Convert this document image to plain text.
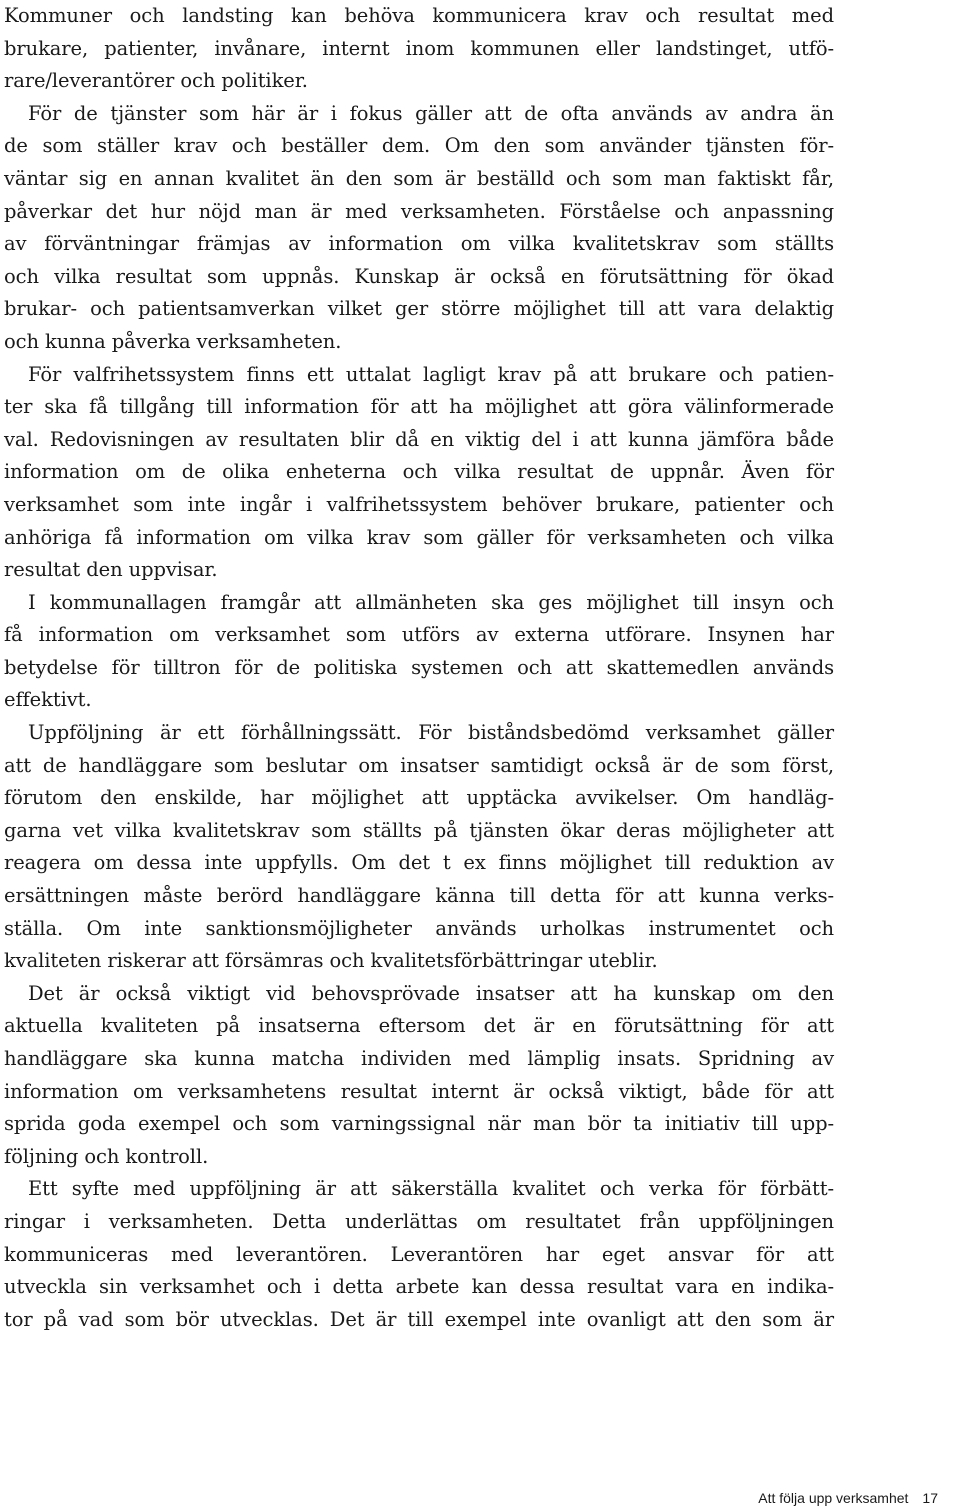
Kommuner och landsting kan behöva kommunicera krav och resultat med
brukare, patienter, invånare, internt inom kommunen eller landstinget, utfö-
rare/leverantörer och politiker.
För de tjänster som här är i fokus gäller att de ofta används av andra än
de som ställer krav och beställer dem. Om den som använder tjänsten för-
väntar sig en annan kvalitet än den som är beställd och som man faktiskt får,
påverkar det hur nöjd man är med verksamheten. Förståelse och anpassning
av förväntningar främjas av information om vilka kvalitetskrav som ställts
och vilka resultat som uppnås. Kunskap är också en förutsättning för ökad
brukar- och patientsamverkan vilket ger större möjlighet till att vara delaktig
och kunna påverka verksamheten.
För valfrihetssystem finns ett uttalat lagligt krav på att brukare och patien-
ter ska få tillgång till information för att ha möjlighet att göra välinformerade
val. Redovisningen av resultaten blir då en viktig del i att kunna jämföra både
information om de olika enheterna och vilka resultat de uppnår. Även för
verksamhet som inte ingår i valfrihetssystem behöver brukare, patienter och
anhöriga få information om vilka krav som gäller för verksamheten och vilka
resultat den uppvisar.
I kommunallagen framgår att allmänheten ska ges möjlighet till insyn och
få information om verksamhet som utförs av externa utförare. Insynen har
betydelse för tilltron för de politiska systemen och att skattemedlen används
effektivt.
Uppföljning är ett förhållningssätt. För biståndsbedömd verksamhet gäller
att de handläggare som beslutar om insatser samtidigt också är de som först,
förutom den enskilde, har möjlighet att upptäcka avvikelser. Om handläg-
garna vet vilka kvalitetskrav som ställts på tjänsten ökar deras möjligheter att
reagera om dessa inte uppfylls. Om det t ex finns möjlighet till reduktion av
ersättningen måste berörd handläggare känna till detta för att kunna verks-
ställa. Om inte sanktionsmöjligheter används urholkas instrumentet och
kvaliteten riskerar att försämras och kvalitetsförbättringar uteblir.
Det är också viktigt vid behovsprövade insatser att ha kunskap om den
aktuella kvaliteten på insatserna eftersom det är en förutsättning för att
handläggare ska kunna matcha individen med lämplig insats. Spridning av
information om verksamhetens resultat internt är också viktigt, både för att
sprida goda exempel och som varningssignal när man bör ta initiativ till upp-
följning och kontroll.
Ett syfte med uppföljning är att säkerställa kvalitet och verka för förbätt-
ringar i verksamheten. Detta underlättas om resultatet från uppföljningen
kommuniceras med leverantören. Leverantören har eget ansvar för att
utveckla sin verksamhet och i detta arbete kan dessa resultat vara en indika-
tor på vad som bör utvecklas. Det är till exempel inte ovanligt att den som är
Att följa upp verksamhet 17
